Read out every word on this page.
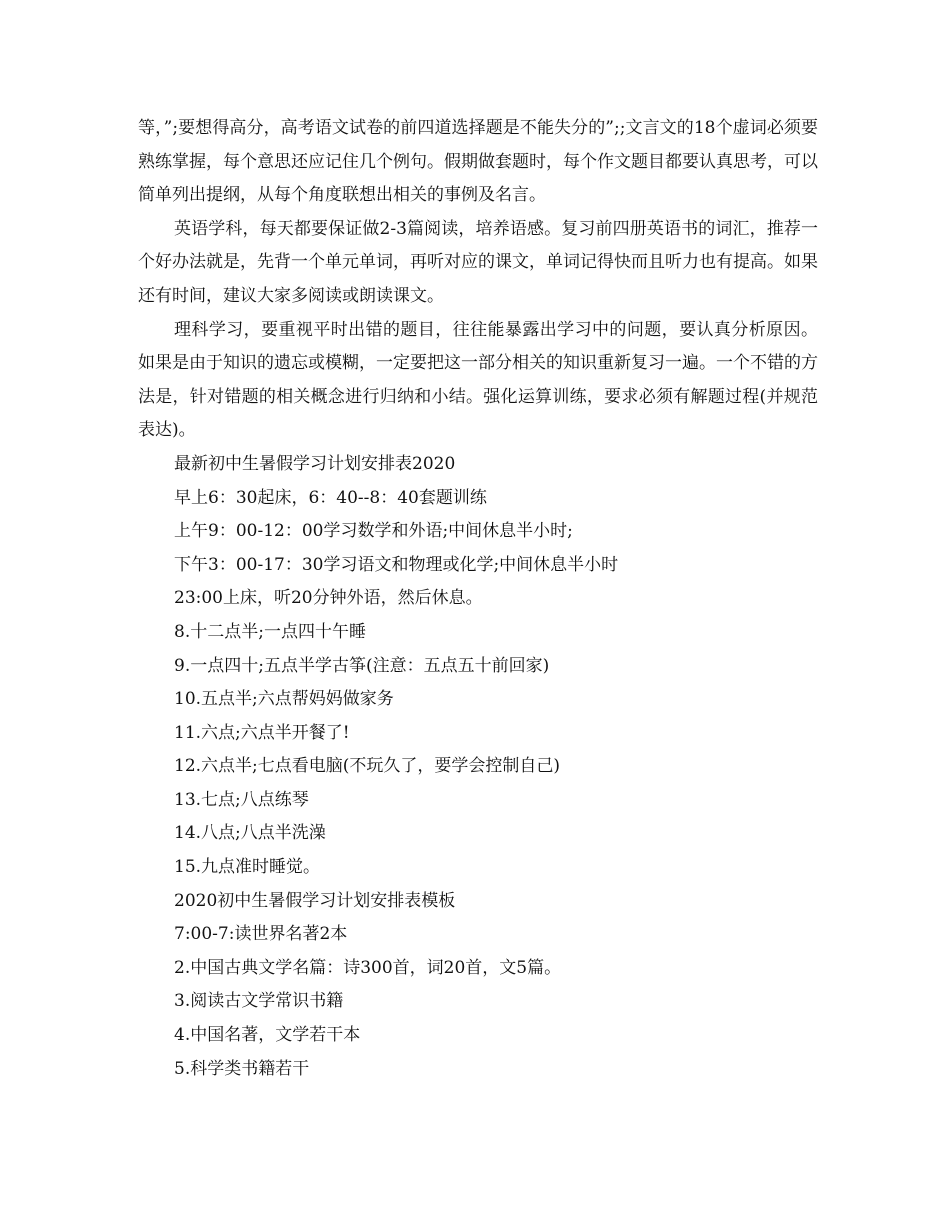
等，”;要想得高分，高考语文试卷的前四道选择题是不能失分的”;;文言文的18个虚词必须要熟练掌握，每个意思还应记住几个例句。假期做套题时，每个作文题目都要认真思考，可以简单列出提纲，从每个角度联想出相关的事例及名言。

英语学科，每天都要保证做2-3篇阅读，培养语感。复习前四册英语书的词汇，推荐一个好办法就是，先背一个单元单词，再听对应的课文，单词记得快而且听力也有提高。如果还有时间，建议大家多阅读或朗读课文。

理科学习，要重视平时出错的题目，往往能暴露出学习中的问题，要认真分析原因。如果是由于知识的遗忘或模糊，一定要把这一部分相关的知识重新复习一遍。一个不错的方法是，针对错题的相关概念进行归纳和小结。强化运算训练，要求必须有解题过程(并规范表达)。

最新初中生暑假学习计划安排表2020

早上6：30起床，6：40--8：40套题训练

上午9：00-12：00学习数学和外语;中间休息半小时;

下午3：00-17：30学习语文和物理或化学;中间休息半小时

23:00上床，听20分钟外语，然后休息。

8.十二点半;一点四十午睡

9.一点四十;五点半学古筝(注意：五点五十前回家)

10.五点半;六点帮妈妈做家务

11.六点;六点半开餐了!

12.六点半;七点看电脑(不玩久了，要学会控制自己)

13.七点;八点练琴

14.八点;八点半洗澡

15.九点准时睡觉。

2020初中生暑假学习计划安排表模板

7:00-7:读世界名著2本

2.中国古典文学名篇：诗300首，词20首，文5篇。

3.阅读古文学常识书籍

4.中国名著，文学若干本

5.科学类书籍若干
